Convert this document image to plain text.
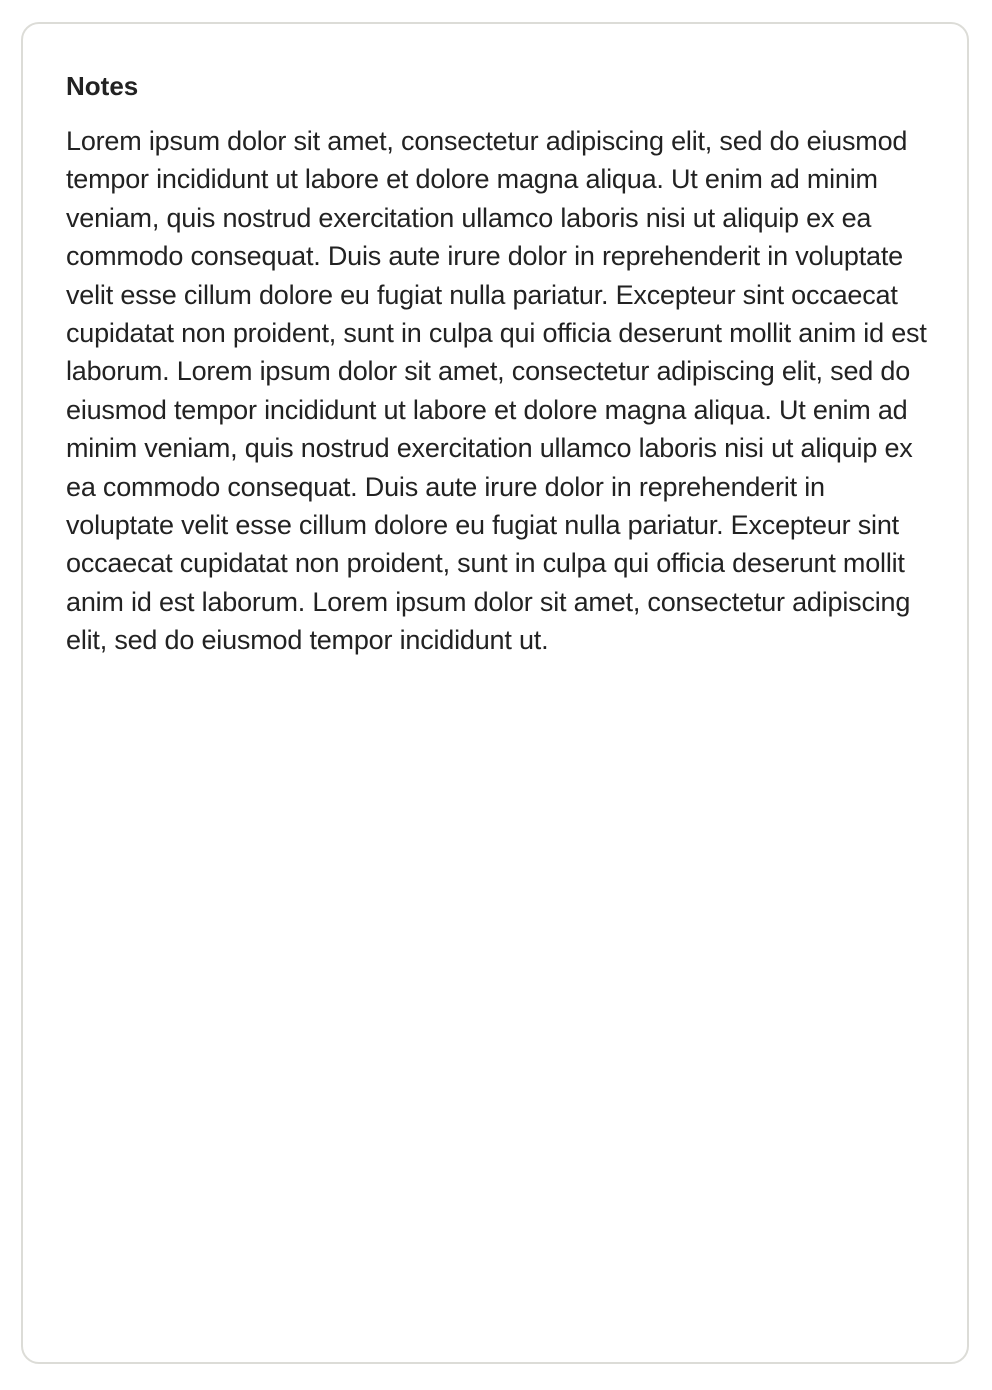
Notes

Lorem ipsum dolor sit amet, consectetur adipiscing elit, sed do eiusmod tempor incididunt ut labore et dolore magna aliqua. Ut enim ad minim veniam, quis nostrud exercitation ullamco laboris nisi ut aliquip ex ea commodo consequat. Duis aute irure dolor in reprehenderit in voluptate velit esse cillum dolore eu fugiat nulla pariatur. Excepteur sint occaecat cupidatat non proident, sunt in culpa qui officia deserunt mollit anim id est laborum. Lorem ipsum dolor sit amet, consectetur adipiscing elit, sed do eiusmod tempor incididunt ut labore et dolore magna aliqua. Ut enim ad minim veniam, quis nostrud exercitation ullamco laboris nisi ut aliquip ex ea commodo consequat. Duis aute irure dolor in reprehenderit in voluptate velit esse cillum dolore eu fugiat nulla pariatur. Excepteur sint occaecat cupidatat non proident, sunt in culpa qui officia deserunt mollit anim id est laborum. Lorem ipsum dolor sit amet, consectetur adipiscing elit, sed do eiusmod tempor incididunt ut.
